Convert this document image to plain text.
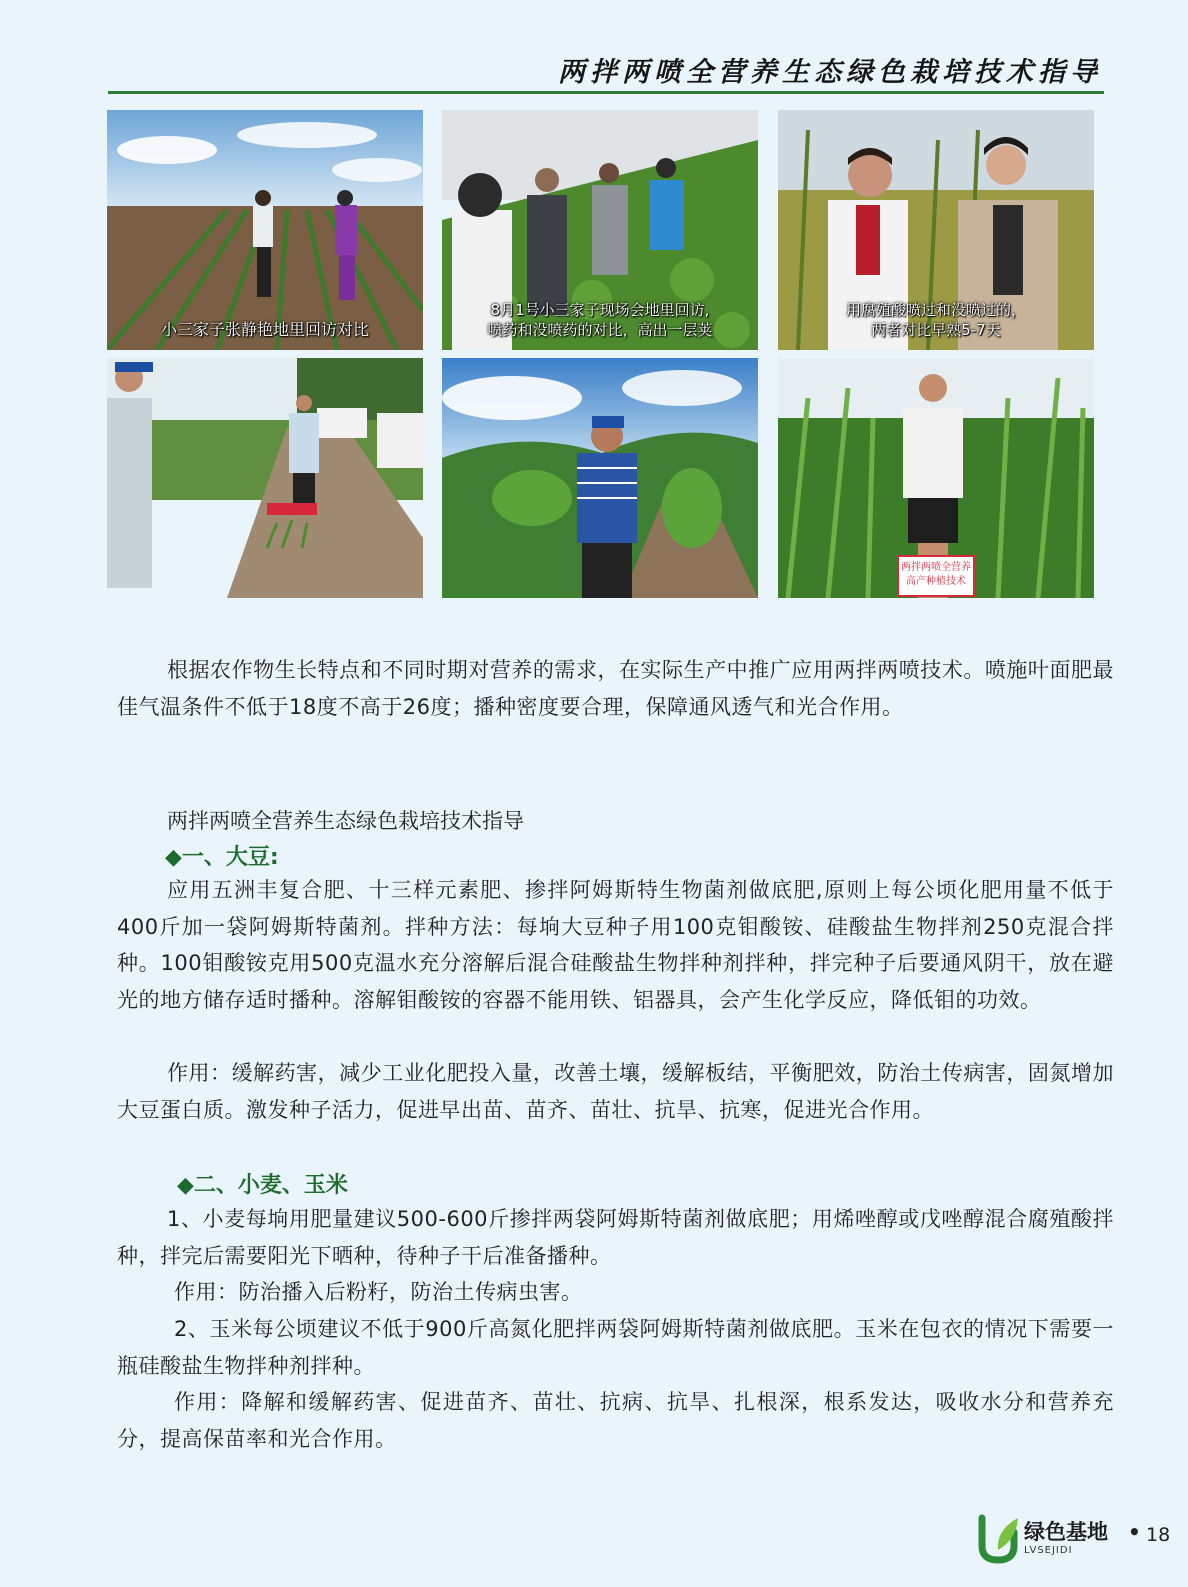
两拌两喷全营养生态绿色栽培技术指导
小三家子张静艳地里回访对比
8月1号小三家子现场会地里回访,
喷药和没喷药的对比，高出一层荚
用腐殖酸喷过和没喷过的，
两者对比早熟5-7天
两拌两喷全营养
高产种植技术

根据农作物生长特点和不同时期对营养的需求，在实际生产中推广应用两拌两喷技术。喷施叶面肥最佳气温条件不低于18度不高于26度；播种密度要合理，保障通风透气和光合作用。

两拌两喷全营养生态绿色栽培技术指导
◆一、大豆:

应用五洲丰复合肥、十三样元素肥、掺拌阿姆斯特生物菌剂做底肥,原则上每公顷化肥用量不低于400斤加一袋阿姆斯特菌剂。拌种方法：每垧大豆种子用100克钼酸铵、硅酸盐生物拌剂250克混合拌种。100钼酸铵克用500克温水充分溶解后混合硅酸盐生物拌种剂拌种，拌完种子后要通风阴干，放在避光的地方储存适时播种。溶解钼酸铵的容器不能用铁、铝器具，会产生化学反应，降低钼的功效。

作用：缓解药害，减少工业化肥投入量，改善土壤，缓解板结，平衡肥效，防治土传病害，固氮增加大豆蛋白质。激发种子活力，促进早出苗、苗齐、苗壮、抗旱、抗寒，促进光合作用。

◆二、小麦、玉米

1、小麦每垧用肥量建议500-600斤掺拌两袋阿姆斯特菌剂做底肥；用烯唑醇或戊唑醇混合腐殖酸拌种，拌完后需要阳光下晒种，待种子干后准备播种。

作用：防治播入后粉籽，防治土传病虫害。

2、玉米每公顷建议不低于900斤高氮化肥拌两袋阿姆斯特菌剂做底肥。玉米在包衣的情况下需要一瓶硅酸盐生物拌种剂拌种。

作用：降解和缓解药害、促进苗齐、苗壮、抗病、抗旱、扎根深，根系发达，吸收水分和营养充分，提高保苗率和光合作用。

绿色基地
LVSEJIDI
• 18
